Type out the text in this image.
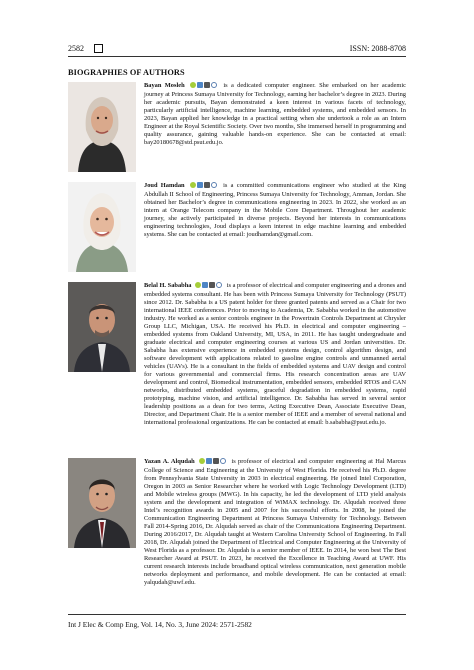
2582	ISSN: 2088-8708
BIOGRAPHIES OF AUTHORS
Bayan Mosleh	is a dedicated computer engineer. She embarked on her academic journey at Princess Sumaya University for Technology, earning her bachelor’s degree in 2023. During her academic pursuits, Bayan demonstrated a keen interest in various facets of technology, particularly artificial intelligence, machine learning, embedded systems, and embedded sensors. In 2023, Bayan applied her knowledge in a practical setting when she undertook a role as an Intern Engineer at the Royal Scientific Society. Over two months, She immersed herself in programming and quality assurance, gaining valuable hands-on experience. She can be contacted at email: bay20180678@std.psut.edu.jo.
Joud Hamdan	is a committed communications engineer who studied at the King Abdullah II School of Engineering, Princess Sumaya University for Technology, Amman, Jordan. She obtained her Bachelor’s degree in communications engineering in 2023. In 2022, she worked as an intern at Orange Telecom company in the Mobile Core Department. Throughout her academic journey, she actively participated in diverse projects. Beyond her interests in communications engineering technologies, Joud displays a keen interest in edge machine learning and embedded systems. She can be contacted at email: joudhamdan@gmail.com.
Belal H. Sababha	is a professor of electrical and computer engineering and a drones and embedded systems consultant. He has been with Princess Sumaya University for Technology (PSUT) since 2012. Dr. Sababha is a US patent holder for three granted patents and served as a Chair for two international IEEE conferences. Prior to moving to Academia, Dr. Sababha worked in the automotive industry. He worked as a senior controls engineer in the Powertrain Controls Department at Chrysler Group LLC, Michigan, USA. He received his Ph.D. in electrical and computer engineering – embedded systems from Oakland University, MI, USA, in 2011. He has taught undergraduate and graduate electrical and computer engineering courses at various US and Jordan universities. Dr. Sababha has extensive experience in embedded systems design, control algorithm design, and software development with applications related to gasoline engine controls and unmanned aerial vehicles (UAVs). He is a consultant in the fields of embedded systems and UAV design and control for various governmental and commercial firms. His research concentration areas are UAV development and control, Biomedical instrumentation, embedded sensors, embedded RTOS and CAN networks, distributed embedded systems, graceful degradation in embedded systems, rapid prototyping, machine vision, and artificial intelligence. Dr. Sababha has served in several senior leadership positions as a dean for two terms, Acting Executive Dean, Associate Executive Dean, Director, and Department Chair. He is a senior member of IEEE and a member of several national and international professional organizations. He can be contacted at email: b.sababha@psut.edu.jo.
Yazan A. Alqudah	is professor of electrical and computer engineering at Hal Marcus College of Science and Engineering at the University of West Florida. He received his Ph.D. degree from Pennsylvania State University in 2003 in electrical engineering. He joined Intel Corporation, Oregon in 2003 as Senior Researcher where he worked with Logic Technology Development (LTD) and Mobile wireless groups (MWG). In his capacity, he led the development of LTD yield analysis system and the development and integration of WiMAX technology. Dr. Alqudah received three Intel’s recognition awards in 2005 and 2007 for his successful efforts. In 2008, he joined the Communication Engineering Department at Princess Sumaya University for Technology. Between Fall 2014-Spring 2016, Dr. Alqudah served as chair of the Communications Engineering Department. During 2016/2017, Dr. Alqudah taught at Western Carolina University School of Engineering. In Fall 2018, Dr. Alqudah joined the Department of Electrical and Computer Engineering at the University of West Florida as a professor. Dr. Alqudah is a senior member of IEEE. In 2014, he won best The Best Researcher Award at PSUT. In 2023, he received the Excellence in Teaching Award at UWF. His current research interests include broadband optical wireless communication, next generation mobile networks deployment and performance, and mobile development. He can be contacted at email: yalqudah@uwf.edu.
Int J Elec & Comp Eng, Vol. 14, No. 3, June 2024: 2571-2582
